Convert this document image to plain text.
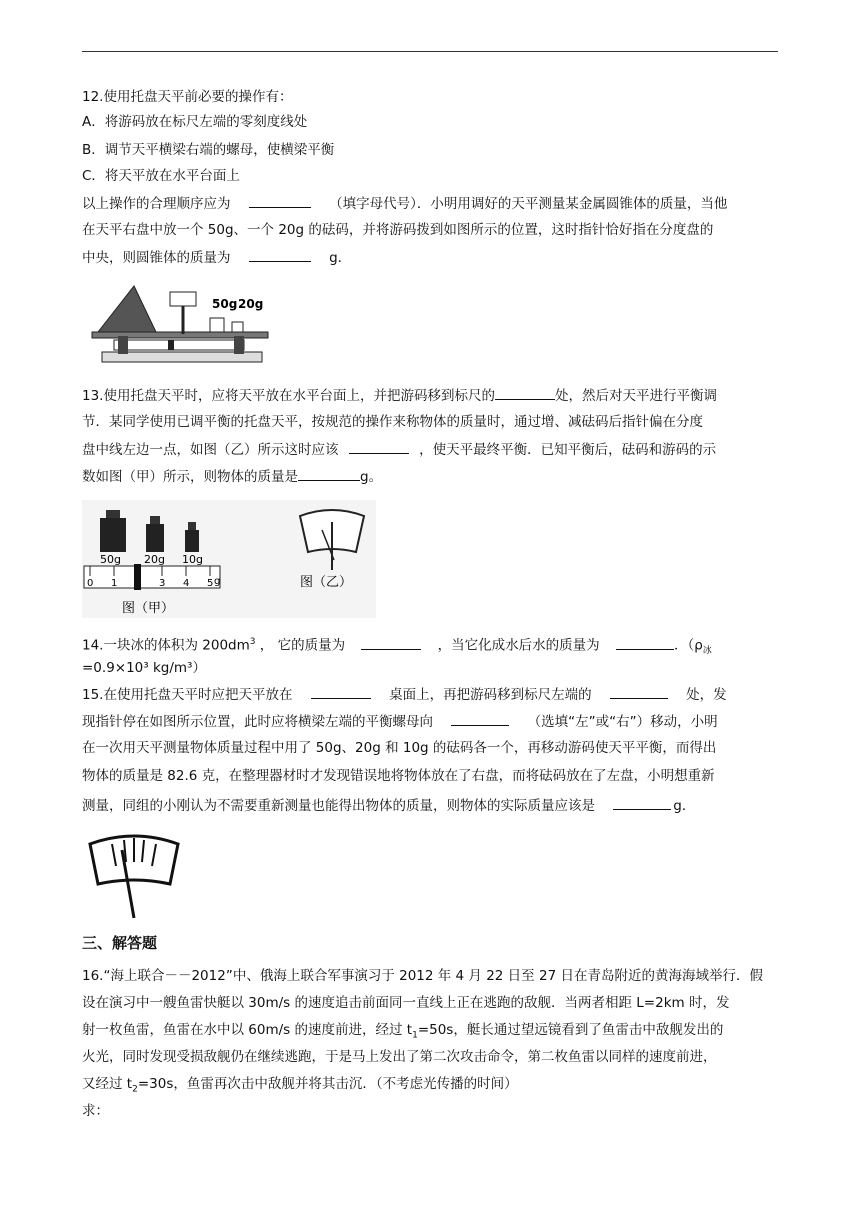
12.使用托盘天平前必要的操作有：
A．将游码放在标尺左端的零刻度线处
B．调节天平横梁右端的螺母，使横梁平衡
C．将天平放在水平台面上
以上操作的合理顺序应为	（填字母代号）．小明用调好的天平测量某金属圆锥体的质量，当他
在天平右盘中放一个 50g、一个 20g 的砝码，并将游码拨到如图所示的位置，这时指针恰好指在分度盘的
中央，则圆锥体的质量为	g．
50g 20g
13.使用托盘天平时，应将天平放在水平台面上，并把游码移到标尺的	处，然后对天平进行平衡调
节．某同学使用已调平衡的托盘天平，按规范的操作来称物体的质量时，通过增、减砝码后指针偏在分度
盘中线左边一点，如图（乙）所示这时应该	，使天平最终平衡．已知平衡后，砝码和游码的示
数如图（甲）所示，则物体的质量是	g。
50g 20g 10g
0 1	3 4 5 g
图（甲）
图（乙）
14.一块冰的体积为 $200dm^3$ ， 它的质量为	，当它化成水后水的质量为	．（$\rho_冰$
=0.9×10³ kg/m³）
15.在使用托盘天平时应把天平放在	桌面上，再把游码移到标尺左端的	处，发
现指针停在如图所示位置，此时应将横梁左端的平衡螺母向	（选填“左”或“右”）移动，小明
在一次用天平测量物体质量过程中用了 50g、20g 和 10g 的砝码各一个，再移动游码使天平平衡，而得出
物体的质量是 82.6 克，在整理器材时才发现错误地将物体放在了右盘，而将砝码放在了左盘，小明想重新
测量，同组的小刚认为不需要重新测量也能得出物体的质量，则物体的实际质量应该是	g．
三、解答题
16.“海上联合－－2012”中、俄海上联合军事演习于 2012 年 4 月 22 日至 27 日在青岛附近的黄海海域举行．假
设在演习中一艘鱼雷快艇以 30m/s 的速度追击前面同一直线上正在逃跑的敌舰．当两者相距 L=2km 时，发
射一枚鱼雷，鱼雷在水中以 60m/s 的速度前进，经过 $t_1=50s$，艇长通过望远镜看到了鱼雷击中敌舰发出的
火光，同时发现受损敌舰仍在继续逃跑，于是马上发出了第二次攻击命令，第二枚鱼雷以同样的速度前进，
又经过 $t_2=30s$，鱼雷再次击中敌舰并将其击沉．（不考虑光传播的时间）
求：
